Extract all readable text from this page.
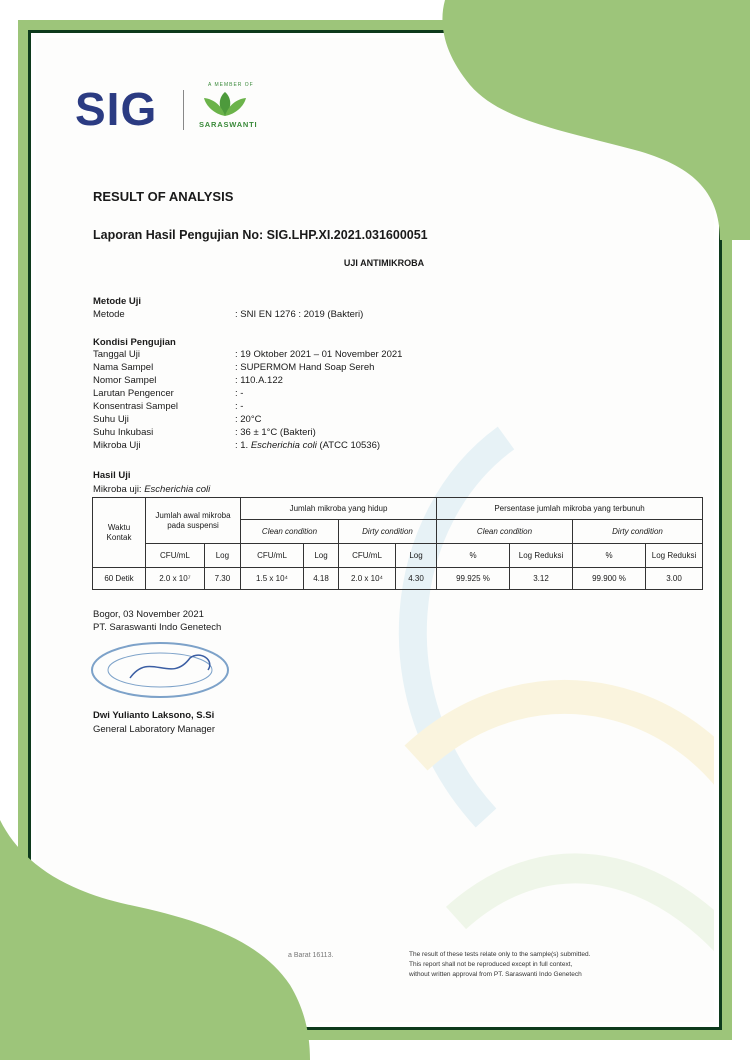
SIG	A MEMBER OF
SARASWANTI
RESULT OF ANALYSIS
Laporan Hasil Pengujian No: SIG.LHP.XI.2021.031600051
UJI ANTIMIKROBA
Metode Uji
Metode	: SNI EN 1276 : 2019 (Bakteri)
Kondisi Pengujian
Tanggal Uji	: 19 Oktober 2021 – 01 November 2021
Nama Sampel	: SUPERMOM Hand Soap Sereh
Nomor Sampel	: 110.A.122
Larutan Pengencer	: -
Konsentrasi Sampel	: -
Suhu Uji	: 20°C
Suhu Inkubasi	: 36 ± 1°C (Bakteri)
Mikroba Uji	: 1. Escherichia coli (ATCC 10536)
Hasil Uji
Mikroba uji: Escherichia coli
Waktu Kontak	Jumlah awal mikroba pada suspensi		Jumlah mikroba yang hidup				Persentase jumlah mikroba yang terbunuh			
			Clean condition		Dirty condition		Clean condition		Dirty condition	
	CFU/mL	Log	CFU/mL	Log	CFU/mL	Log	%	Log Reduksi	%	Log Reduksi
60 Detik	2.0 x 10⁷	7.30	1.5 x 10⁴	4.18	2.0 x 10⁴	4.30	99.925 %	3.12	99.900 %	3.00
Bogor, 03 November 2021
PT. Saraswanti Indo Genetech
Dwi Yulianto Laksono, S.Si
General Laboratory Manager
a Barat 16113.	The result of these tests relate only to the sample(s) submitted.
This report shall not be reproduced except in full context,
without written approval from PT. Saraswanti Indo Genetech
